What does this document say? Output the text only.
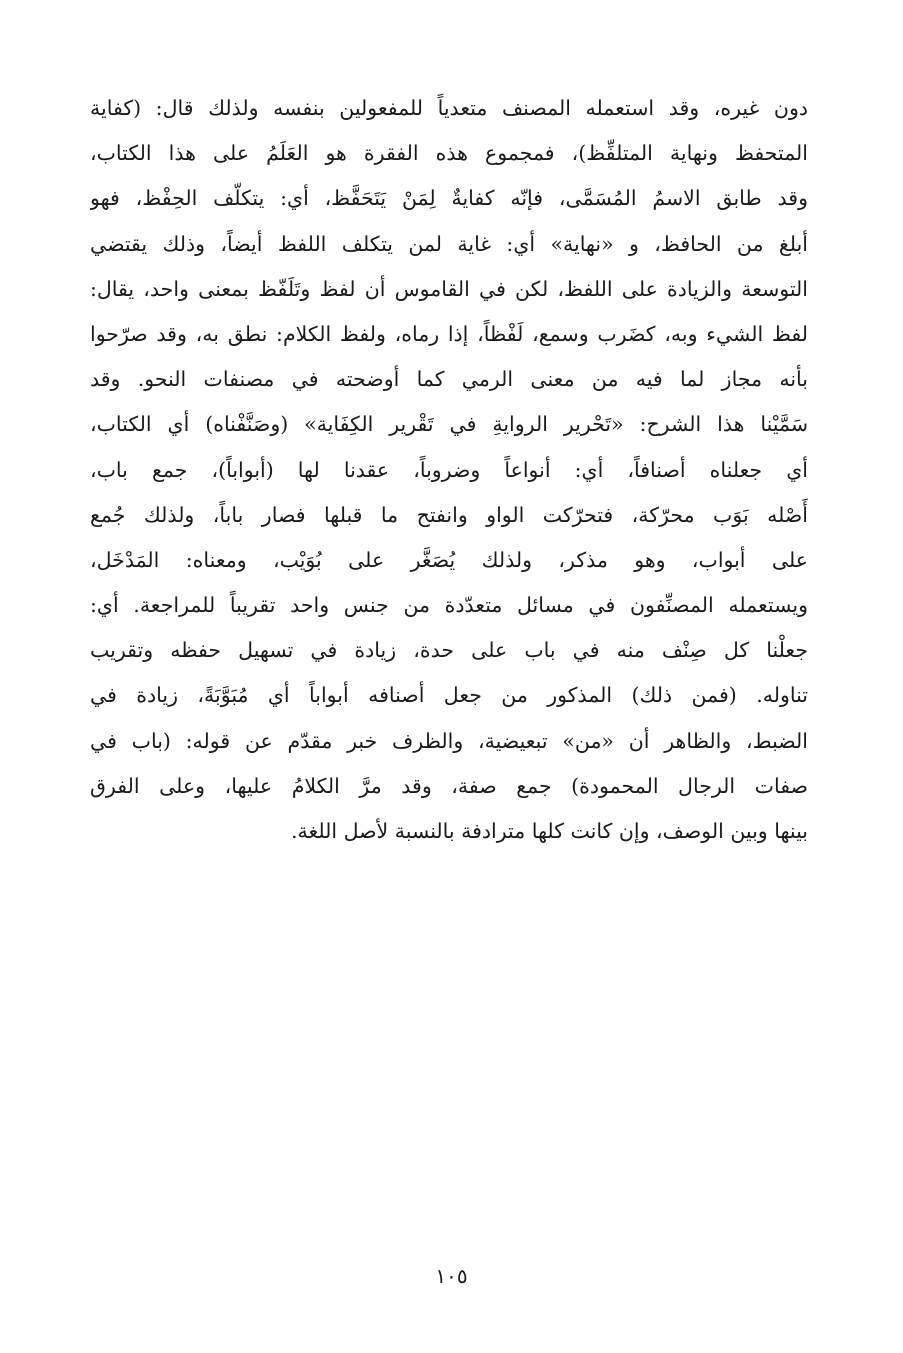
دون غيره، وقد استعمله المصنف متعدياً للمفعولين بنفسه ولذلك قال: (كفاية
المتحفظ ونهاية المتلفِّظ)، فمجموع هذه الفقرة هو العَلَمُ على هذا الكتاب،
وقد طابق الاسمُ المُسَمَّى، فإنّه كفايةٌ لِمَنْ يَتَحَفَّظ، أي: يتكلّف الحِفْظ، فهو
أبلغ من الحافظ، و «نهاية» أي: غاية لمن يتكلف اللفظ أيضاً، وذلك يقتضي
التوسعة والزيادة على اللفظ، لكن في القاموس أن لفظ وتَلَفّظ بمعنى واحد، يقال:
لفظ الشيء وبه، كضَرب وسمع، لَفْظاً، إذا رماه، ولفظ الكلام: نطق به، وقد صرّحوا
بأنه مجاز لما فيه من معنى الرمي كما أوضحته في مصنفات النحو. وقد
سَمَّيْنا هذا الشرح: «تَحْرير الروايةِ في تَقْرير الكِفَاية» (وصَنَّفْناه) أي الكتاب،
أي جعلناه أصنافاً، أي: أنواعاً وضروباً، عقدنا لها (أبواباً)، جمع باب،
أَصْله بَوَب محرّكة، فتحرّكت الواو وانفتح ما قبلها فصار باباً، ولذلك جُمع
على أبواب، وهو مذكر، ولذلك يُصَغَّر على بُوَيْب، ومعناه: المَدْخَل،
ويستعمله المصنِّفون في مسائل متعدّدة من جنس واحد تقريباً للمراجعة. أي:
جعلْنا كل صِنْف منه في باب على حدة، زيادة في تسهيل حفظه وتقريب
تناوله. (فمن ذلك) المذكور من جعل أصنافه أبواباً أي مُبَوَّبَةً، زيادة في
الضبط، والظاهر أن «من» تبعيضية، والظرف خبر مقدّم عن قوله: (باب في
صفات الرجال المحمودة) جمع صفة، وقد مرَّ الكلامُ عليها، وعلى الفرق
بينها وبين الوصف، وإن كانت كلها مترادفة بالنسبة لأصل اللغة.
١٠٥
